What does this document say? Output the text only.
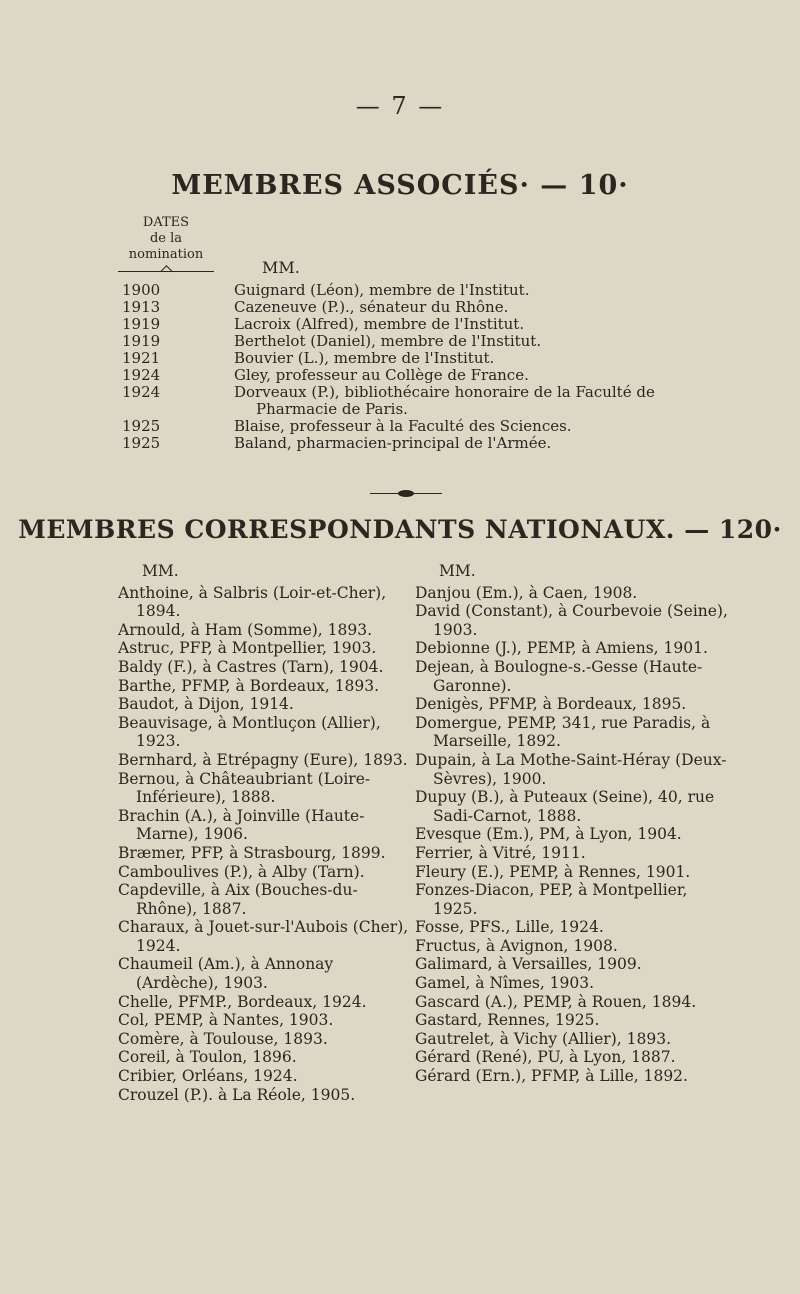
— 7 —
MEMBRES ASSOCIÉS· — 10·
DATES
de la
nomination
MM.
1900	Guignard (Léon), membre de l'Institut.
1913	Cazeneuve (P.)., sénateur du Rhône.
1919	Lacroix (Alfred), membre de l'Institut.
1919	Berthelot (Daniel), membre de l'Institut.
1921	Bouvier (L.), membre de l'Institut.
1924	Gley, professeur au Collège de France.
1924	Dorveaux (P.), bibliothécaire honoraire de la Faculté de
Pharmacie de Paris.
1925	Blaise, professeur à la Faculté des Sciences.
1925	Baland, pharmacien-principal de l'Armée.
MEMBRES CORRESPONDANTS NATIONAUX. — 120·
MM.
Anthoine, à Salbris (Loir-et-Cher), 1894.
Arnould, à Ham (Somme), 1893.
Astruc, PFP, à Montpellier, 1903.
Baldy (F.), à Castres (Tarn), 1904.
Barthe, PFMP, à Bordeaux, 1893.
Baudot, à Dijon, 1914.
Beauvisage, à Montluçon (Allier), 1923.
Bernhard, à Etrépagny (Eure), 1893.
Bernou, à Châteaubriant (Loire-Inférieure), 1888.
Brachin (A.), à Joinville (Haute-Marne), 1906.
Bræmer, PFP, à Strasbourg, 1899.
Camboulives (P.), à Alby (Tarn).
Capdeville, à Aix (Bouches-du-Rhône), 1887.
Charaux, à Jouet-sur-l'Aubois (Cher), 1924.
Chaumeil (Am.), à Annonay (Ardèche), 1903.
Chelle, PFMP., Bordeaux, 1924.
Col, PEMP, à Nantes, 1903.
Comère, à Toulouse, 1893.
Coreil, à Toulon, 1896.
Cribier, Orléans, 1924.
Crouzel (P.). à La Réole, 1905.
MM.
Danjou (Em.), à Caen, 1908.
David (Constant), à Courbevoie (Seine), 1903.
Debionne (J.), PEMP, à Amiens, 1901.
Dejean, à Boulogne-s.-Gesse (Haute-Garonne).
Denigès, PFMP, à Bordeaux, 1895.
Domergue, PEMP, 341, rue Paradis, à Marseille, 1892.
Dupain, à La Mothe-Saint-Héray (Deux-Sèvres), 1900.
Dupuy (B.), à Puteaux (Seine), 40, rue Sadi-Carnot, 1888.
Evesque (Em.), PM, à Lyon, 1904.
Ferrier, à Vitré, 1911.
Fleury (E.), PEMP, à Rennes, 1901.
Fonzes-Diacon, PEP, à Montpellier, 1925.
Fosse, PFS., Lille, 1924.
Fructus, à Avignon, 1908.
Galimard, à Versailles, 1909.
Gamel, à Nîmes, 1903.
Gascard (A.), PEMP, à Rouen, 1894.
Gastard, Rennes, 1925.
Gautrelet, à Vichy (Allier), 1893.
Gérard (René), PU, à Lyon, 1887.
Gérard (Ern.), PFMP, à Lille, 1892.
